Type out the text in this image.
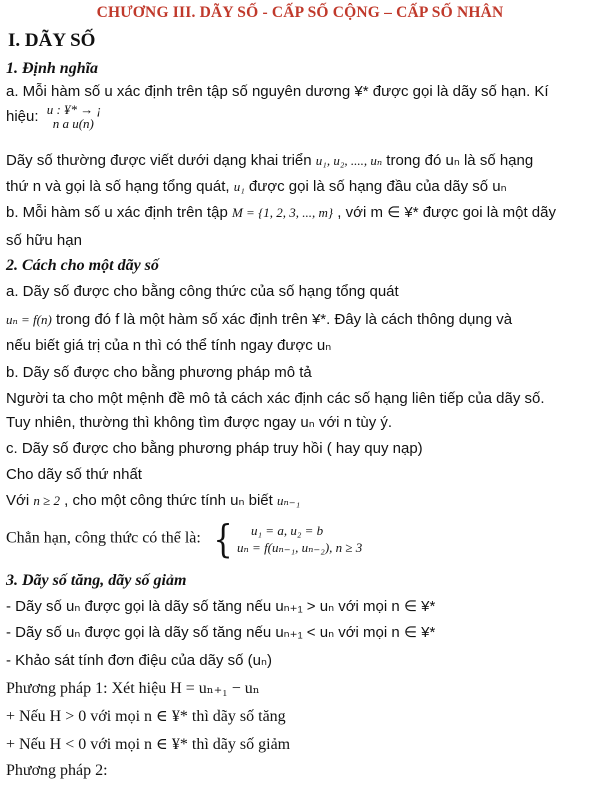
CHƯƠNG III. DÃY SỐ - CẤP SỐ CỘNG – CẤP SỐ NHÂN
I. DÃY SỐ
1. Định nghĩa

a. Mỗi hàm số u xác định trên tập số nguyên dương ¥* được gọi là dãy số hạn. Kí

hiệu: u : ¥* → ¡
n a u(n)

Dãy số thường được viết dưới dạng khai triển u₁, u₂, ...., uₙ trong đó uₙ là số hạng

thứ n và gọi là số hạng tổng quát, u₁ được gọi là số hạng đầu của dãy số uₙ

b. Mỗi hàm số u xác định trên tập M = {1, 2, 3, ..., m} , với m ∈ ¥* được goi là một dãy

số hữu hạn

2. Cách cho một dãy số

a. Dãy số được cho bằng công thức của số hạng tổng quát

uₙ = f(n) trong đó f là một hàm số xác định trên ¥*. Đây là cách thông dụng và

nếu biết giá trị của n thì có thể tính ngay được uₙ

b. Dãy số được cho bằng phương pháp mô tả

Người ta cho một mệnh đề mô tả cách xác định các số hạng liên tiếp của dãy số.

Tuy nhiên, thường thì không tìm được ngay uₙ với n tùy ý.

c. Dãy số được cho bằng phương pháp truy hồi ( hay quy nạp)

Cho dãy số thứ nhất

Với n ≥ 2 , cho một công thức tính uₙ biết uₙ₋₁

Chẳn hạn, công thức có thể là: { u₁ = a, u₂ = b
uₙ = f(uₙ₋₁, uₙ₋₂), n ≥ 3

3. Dãy số tăng, dãy số giảm

- Dãy số uₙ được gọi là dãy số tăng nếu uₙ₊₁ > uₙ với mọi n ∈ ¥*

- Dãy số uₙ được gọi là dãy số tăng nếu uₙ₊₁ < uₙ với mọi n ∈ ¥*

- Khảo sát tính đơn điệu của dãy số (uₙ)

Phương pháp 1: Xét hiệu H = uₙ₊₁ − uₙ

+ Nếu H > 0 với mọi n ∈ ¥* thì dãy số tăng

+ Nếu H < 0 với mọi n ∈ ¥* thì dãy số giảm

Phương pháp 2:
